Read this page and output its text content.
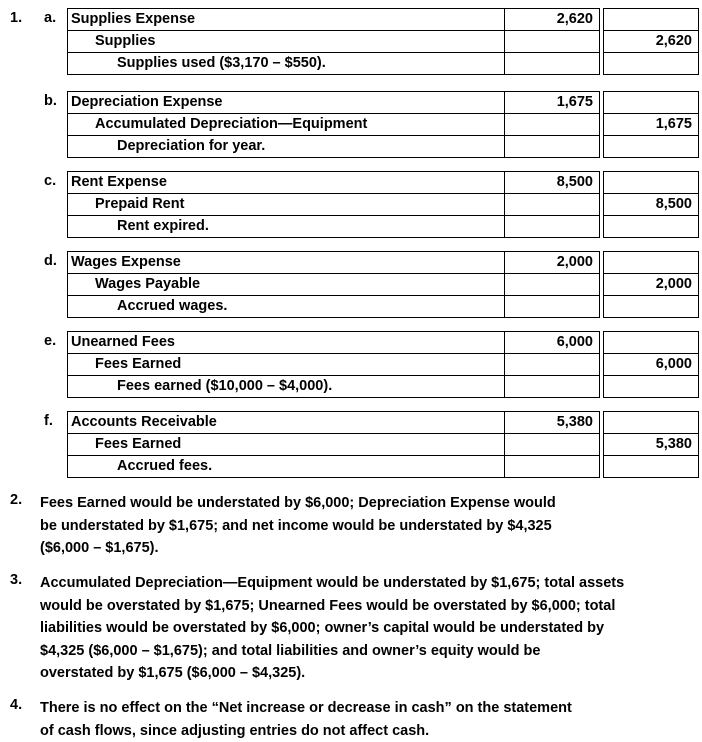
1. a. Supplies Expense	2,620		
Supplies			2,620
Supplies used ($3,170 – $550).			
b. Depreciation Expense	1,675		
Accumulated Depreciation—Equipment			1,675
Depreciation for year.			
c. Rent Expense	8,500		
Prepaid Rent			8,500
Rent expired.			
d. Wages Expense	2,000		
Wages Payable			2,000
Accrued wages.			
e. Unearned Fees	6,000		
Fees Earned			6,000
Fees earned ($10,000 – $4,000).			
f. Accounts Receivable	5,380		
Fees Earned			5,380
Accrued fees.			
2. Fees Earned would be understated by $6,000; Depreciation Expense would
be understated by $1,675; and net income would be understated by $4,325
($6,000 – $1,675).
3. Accumulated Depreciation—Equipment would be understated by $1,675; total assets
would be overstated by $1,675; Unearned Fees would be overstated by $6,000; total
liabilities would be overstated by $6,000; owner’s capital would be understated by
$4,325 ($6,000 – $1,675); and total liabilities and owner’s equity would be
overstated by $1,675 ($6,000 – $4,325).
4. There is no effect on the “Net increase or decrease in cash” on the statement
of cash flows, since adjusting entries do not affect cash.
